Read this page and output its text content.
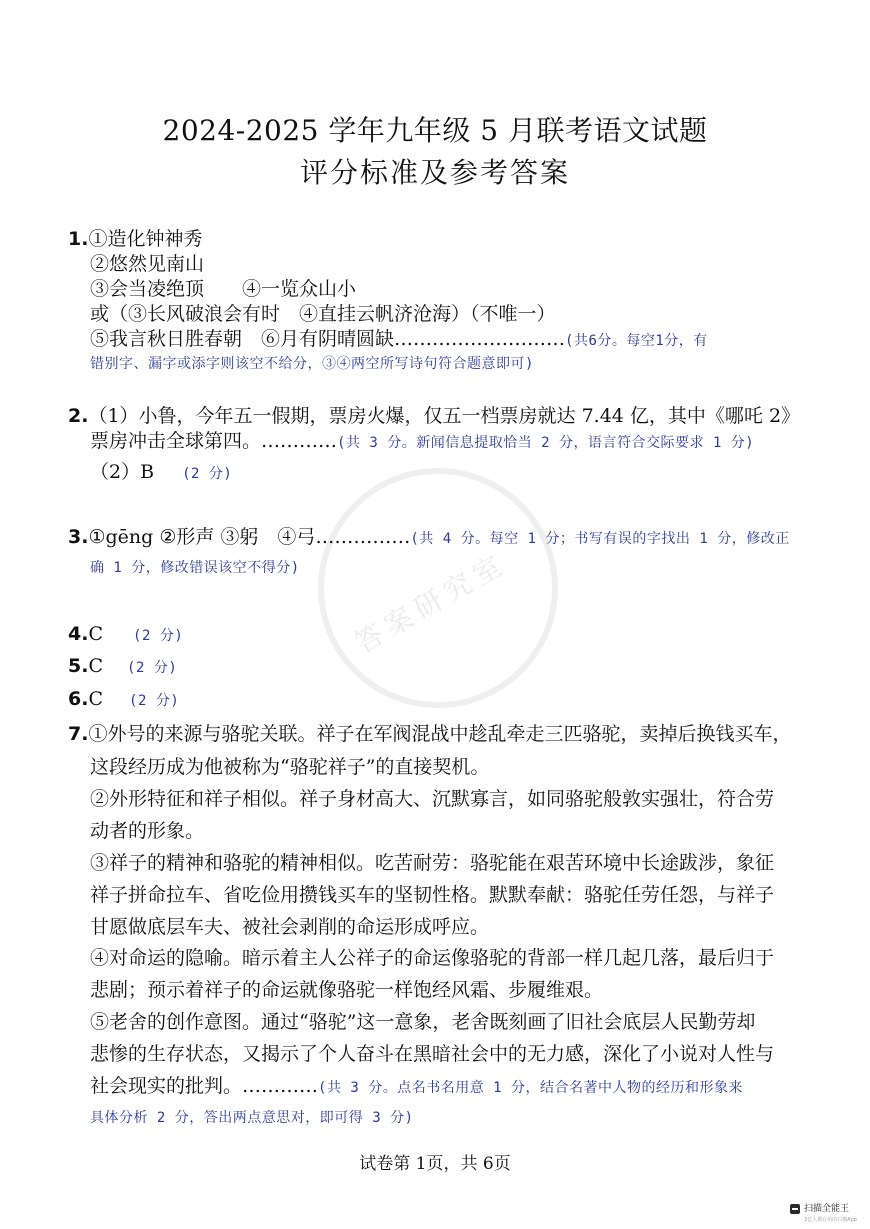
答案研究室
2024-2025 学年九年级 5 月联考语文试题
评分标准及参考答案
1.①造化钟神秀
②悠然见南山
③会当凌绝顶　　④一览众山小
或（③长风破浪会有时　④直挂云帆济沧海）（不唯一）
⑤我言秋日胜春朝　⑥月有阴晴圆缺………………………(共6分。每空1分，有
错别字、漏字或添字则该空不给分，③④两空所写诗句符合题意即可)
2.（1）小鲁，今年五一假期，票房火爆，仅五一档票房就达 7.44 亿，其中《哪吒 2》
票房冲击全球第四。…………(共 3 分。新闻信息提取恰当 2 分，语言符合交际要求 1 分)
（2）B (2 分)
3.①gēng ②形声 ③躬　④弓……………(共 4 分。每空 1 分；书写有误的字找出 1 分，修改正
确 1 分，修改错误该空不得分)
4.C (2 分)
5.C (2 分)
6.C (2 分)
7.①外号的来源与骆驼关联。祥子在军阀混战中趁乱牵走三匹骆驼，卖掉后换钱买车，
这段经历成为他被称为“骆驼祥子”的直接契机。
②外形特征和祥子相似。祥子身材高大、沉默寡言，如同骆驼般敦实强壮，符合劳
动者的形象。
③祥子的精神和骆驼的精神相似。吃苦耐劳：骆驼能在艰苦环境中长途跋涉，象征
祥子拼命拉车、省吃俭用攒钱买车的坚韧性格。默默奉献：骆驼任劳任怨，与祥子
甘愿做底层车夫、被社会剥削的命运形成呼应。
④对命运的隐喻。暗示着主人公祥子的命运像骆驼的背部一样几起几落，最后归于
悲剧；预示着祥子的命运就像骆驼一样饱经风霜、步履维艰。
⑤老舍的创作意图。通过“骆驼”这一意象，老舍既刻画了旧社会底层人民勤劳却
悲惨的生存状态，又揭示了个人奋斗在黑暗社会中的无力感，深化了小说对人性与
社会现实的批判。…………(共 3 分。点名书名用意 1 分，结合名著中人物的经历和形象来
具体分析 2 分，答出两点意思对，即可得 3 分)
试卷第 1页，共 6页
扫描全能王
3亿人都在用的扫描App
